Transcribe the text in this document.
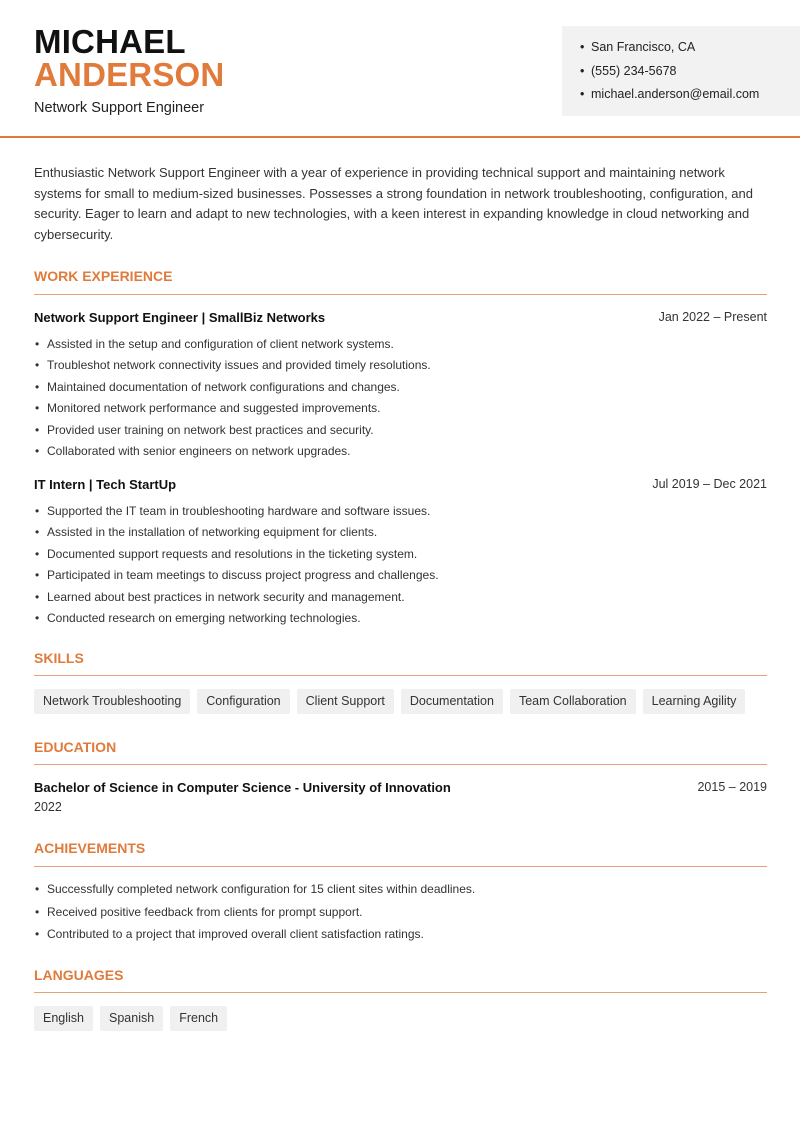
MICHAEL
ANDERSON
Network Support Engineer
• San Francisco, CA
• (555) 234-5678
• michael.anderson@email.com
Enthusiastic Network Support Engineer with a year of experience in providing technical support and maintaining network systems for small to medium-sized businesses. Possesses a strong foundation in network troubleshooting, configuration, and security. Eager to learn and adapt to new technologies, with a keen interest in expanding knowledge in cloud networking and cybersecurity.
WORK EXPERIENCE
Network Support Engineer | SmallBiz Networks	Jan 2022 – Present
• Assisted in the setup and configuration of client network systems.
• Troubleshot network connectivity issues and provided timely resolutions.
• Maintained documentation of network configurations and changes.
• Monitored network performance and suggested improvements.
• Provided user training on network best practices and security.
• Collaborated with senior engineers on network upgrades.
IT Intern | Tech StartUp	Jul 2019 – Dec 2021
• Supported the IT team in troubleshooting hardware and software issues.
• Assisted in the installation of networking equipment for clients.
• Documented support requests and resolutions in the ticketing system.
• Participated in team meetings to discuss project progress and challenges.
• Learned about best practices in network security and management.
• Conducted research on emerging networking technologies.
SKILLS
Network Troubleshooting	Configuration	Client Support	Documentation	Team Collaboration	Learning Agility
EDUCATION
Bachelor of Science in Computer Science - University of Innovation	2015 – 2019
2022
ACHIEVEMENTS
• Successfully completed network configuration for 15 client sites within deadlines.
• Received positive feedback from clients for prompt support.
• Contributed to a project that improved overall client satisfaction ratings.
LANGUAGES
English	Spanish	French
